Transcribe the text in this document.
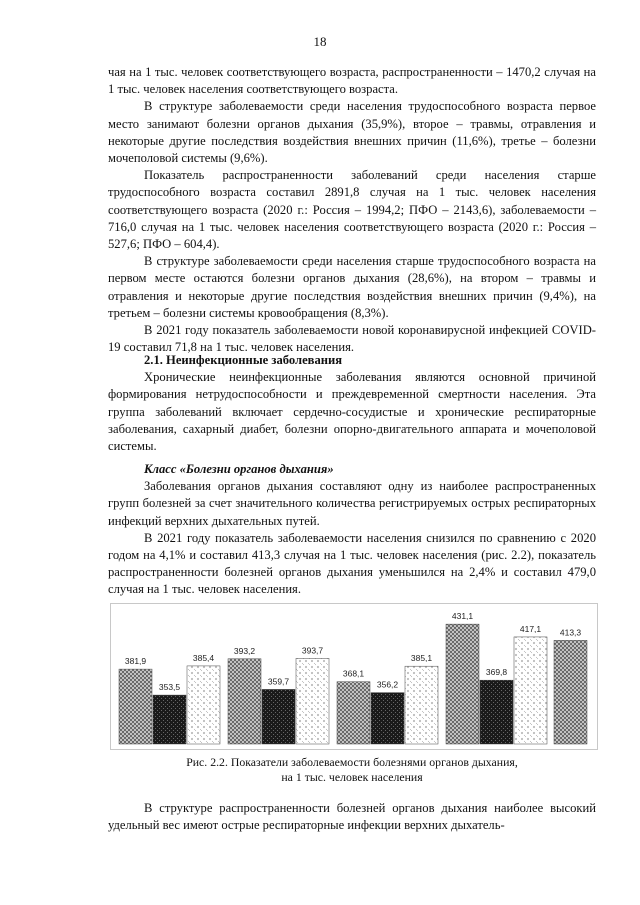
18

чая на 1 тыс. человек соответствующего возраста, распространенности – 1470,2 случая на 1 тыс. человек населения соответствующего возраста.

В структуре заболеваемости среди населения трудоспособного возраста первое место занимают болезни органов дыхания (35,9%), второе – травмы, отравления и некоторые другие последствия воздействия внешних причин (11,6%), третье – болезни мочеполовой системы (9,6%).

Показатель распространенности заболеваний среди населения старше трудоспособного возраста составил 2891,8 случая на 1 тыс. человек населения соответствующего возраста (2020 г.: Россия – 1994,2; ПФО – 2143,6), заболеваемости – 716,0 случая на 1 тыс. человек населения соответствующего возраста (2020 г.: Россия – 527,6; ПФО – 604,4).

В структуре заболеваемости среди населения старше трудоспособного возраста на первом месте остаются болезни органов дыхания (28,6%), на втором – травмы и отравления и некоторые другие последствия воздействия внешних причин (9,4%), на третьем – болезни системы кровообращения (8,3%).

В 2021 году показатель заболеваемости новой коронавирусной инфекцией COVID-19 составил 71,8 на 1 тыс. человек населения.

2.1. Неинфекционные заболевания

Хронические неинфекционные заболевания являются основной причиной формирования нетрудоспособности и преждевременной смертности населения. Эта группа заболеваний включает сердечно-сосудистые и хронические респираторные заболевания, сахарный диабет, болезни опорно-двигательного аппарата и мочеполовой системы.

Класс «Болезни органов дыхания»

Заболевания органов дыхания составляют одну из наиболее распространенных групп болезней за счет значительного количества регистрируемых острых респираторных инфекций верхних дыхательных путей.

В 2021 году показатель заболеваемости населения снизился по сравнению с 2020 годом на 4,1% и составил 413,3 случая на 1 тыс. человек населения (рис. 2.2), показатель распространенности болезней органов дыхания уменьшился на 2,4% и составил 479,0 случая на 1 тыс. человек населения.

381,9
353,5
385,4
393,2
359,7
393,7
368,1
356,2
385,1
431,1
369,8
417,1 413,3
Рис. 2.2. Показатели заболеваемости болезнями органов дыхания,
на 1 тыс. человек населения

В структуре распространенности болезней органов дыхания наиболее высокий удельный вес имеют острые респираторные инфекции верхних дыхатель-
